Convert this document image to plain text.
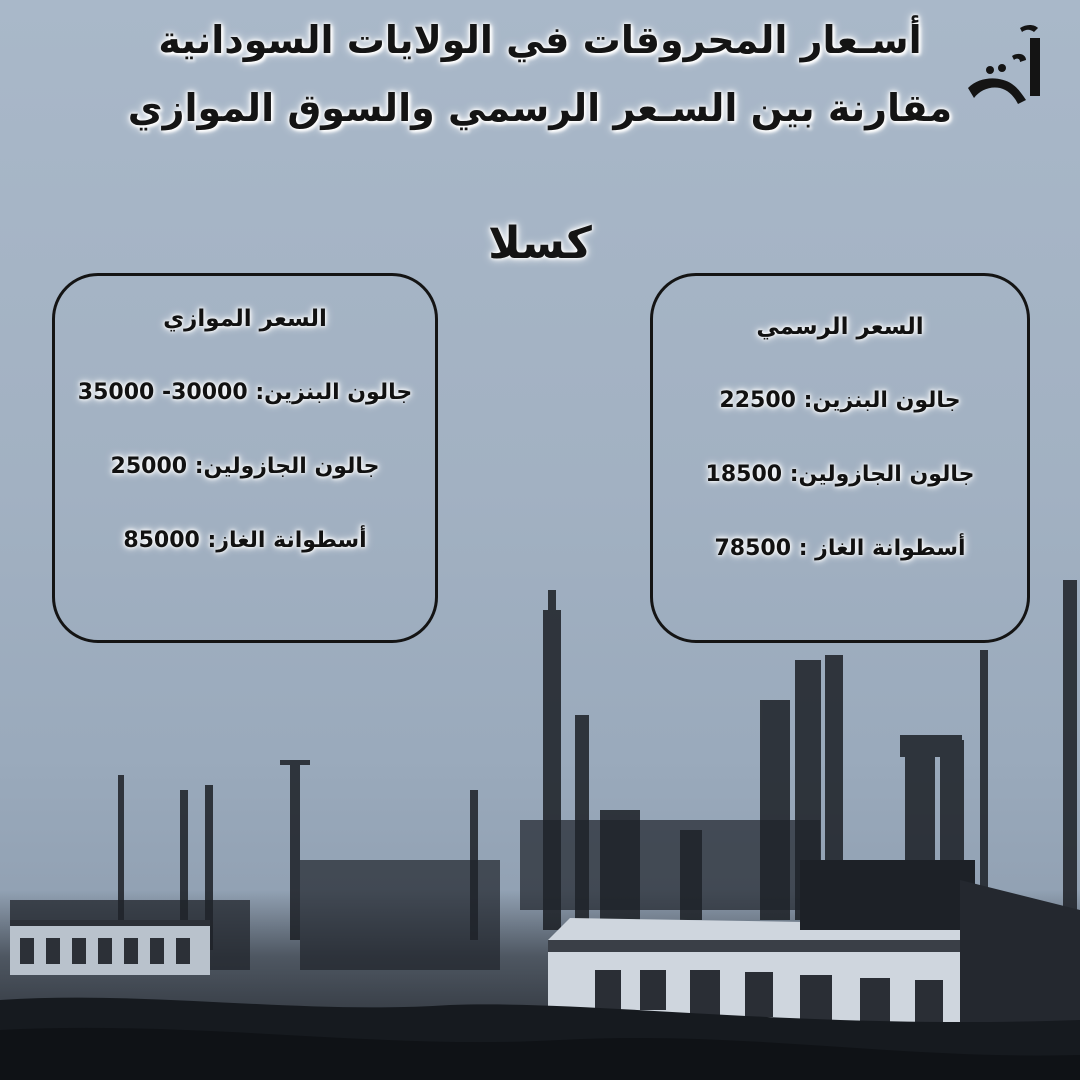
أسـعار المحروقات في الولايات السودانية
مقارنة بين السـعر الرسمي والسوق الموازي
كسلا
السعر الموازي
جالون البنزين: 35000 -30000
جالون الجازولين: 25000
أسطوانة الغاز: 85000
السعر الرسمي
جالون البنزين: 22500
جالون الجازولين: 18500
أسطوانة الغاز : 78500
